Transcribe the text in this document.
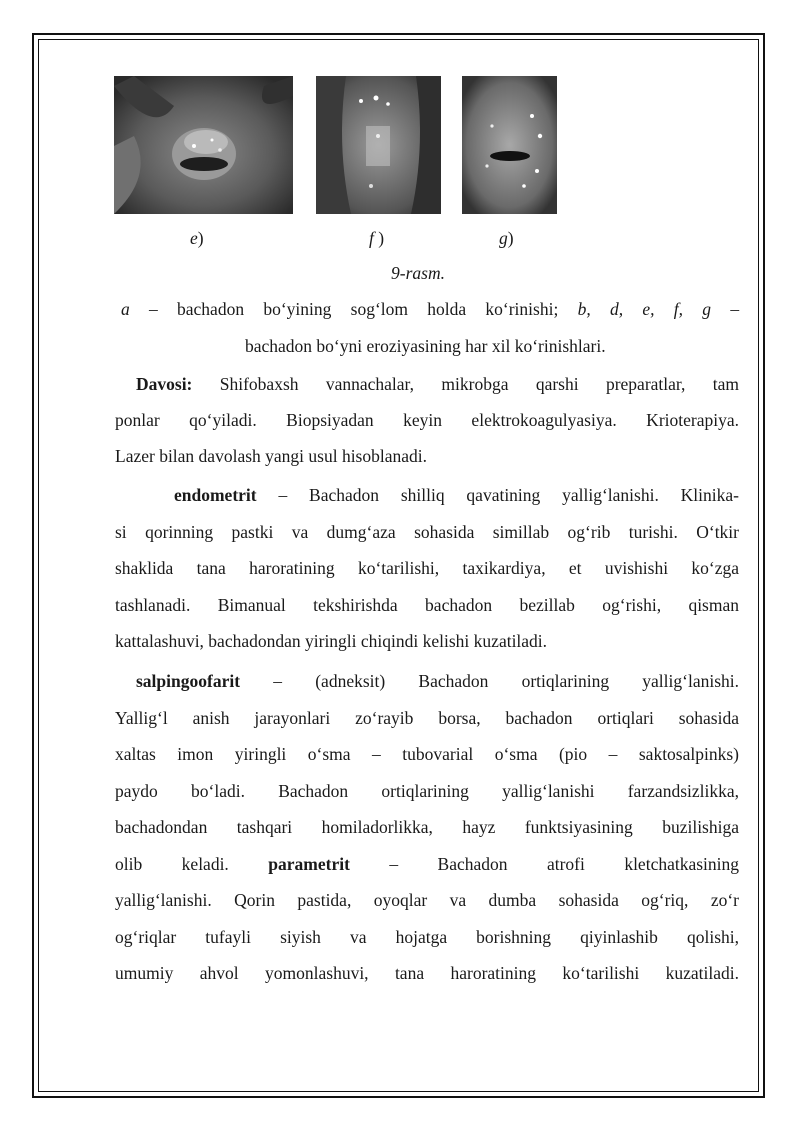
e)	f )	g)
9-rasm.
a – bachadon bo‘yining sog‘lom holda ko‘rinishi; b, d, e, f, g –
bachadon bo‘yni eroziyasining har xil ko‘rinishlari.
Davosi: Shifobaxsh vannachalar, mikrobga qarshi preparatlar, tam
ponlar qo‘yiladi. Biopsiyadan keyin elektrokoagulyasiya. Krioterapiya.
Lazer bilan davolash yangi usul hisoblanadi.
endometrit – Bachadon shilliq qavatining yallig‘lanishi. Klinika-
si qorinning pastki va dumg‘aza sohasida simillab og‘rib turishi. O‘tkir
shaklida tana haroratining ko‘tarilishi, taxikardiya, et uvishishi ko‘zga
tashlanadi. Bimanual tekshirishda bachadon bezillab og‘rishi, qisman
kattalashuvi, bachadondan yiringli chiqindi kelishi kuzatiladi.
salpingoofarit – (adneksit) Bachadon ortiqlarining yallig‘lanishi.
Yallig‘l anish jarayonlari zo‘rayib borsa, bachadon ortiqlari sohasida
xaltas imon yiringli o‘sma – tubovarial o‘sma (pio – saktosalpinks)
paydo bo‘ladi. Bachadon ortiqlarining yallig‘lanishi farzandsizlikka,
bachadondan tashqari homiladorlikka, hayz funktsiyasining buzilishiga
olib keladi. parametrit – Bachadon atrofi kletchatkasining
yallig‘lanishi. Qorin pastida, oyoqlar va dumba sohasida og‘riq, zo‘r
og‘riqlar tufayli siyish va hojatga borishning qiyinlashib qolishi,
umumiy ahvol yomonlashuvi, tana haroratining ko‘tarilishi kuzatiladi.
